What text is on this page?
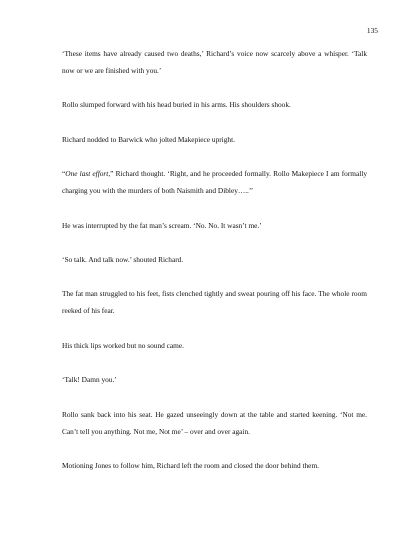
135

‘These items have already caused two deaths,’ Richard’s voice now scarcely above a whisper. ‘Talk now or we are finished with you.’

Rollo slumped forward with his head buried in his arms. His shoulders shook.

Richard nodded to Barwick who jolted Makepiece upright.

“One last effort,” Richard thought. ‘Right, and he proceeded formally. Rollo Makepiece I am formally charging you with the murders of both Naismith and Dibley…..’’

He was interrupted by the fat man’s scream. ‘No. No. It wasn’t me.’

‘So talk. And talk now.’ shouted Richard.

The fat man struggled to his feet, fists clenched tightly and sweat pouring off his face. The whole room reeked of his fear.

His thick lips worked but no sound came.

‘Talk! Damn you.’

Rollo sank back into his seat. He gazed unseeingly down at the table and started keening. ‘Not me. Can’t tell you anything. Not me, Not me’ – over and over again.

Motioning Jones to follow him, Richard left the room and closed the door behind them.
